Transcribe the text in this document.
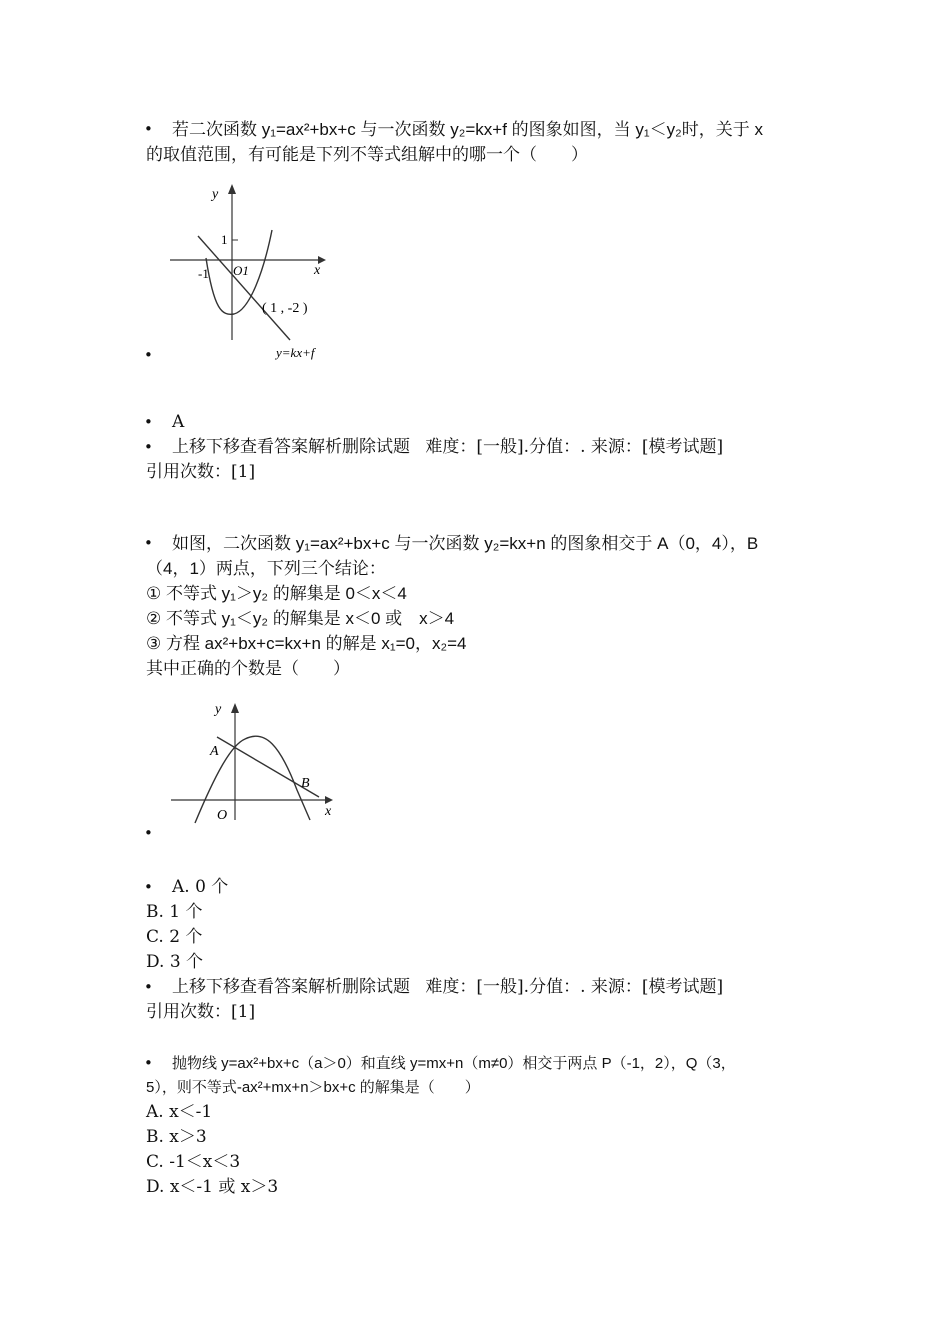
• 若二次函数 y₁=ax²+bx+c 与一次函数 y₂=kx+f 的图象如图，当 y₁＜y₂时，关于 x
的取值范围，有可能是下列不等式组解中的哪一个（　　）
y
x
1
-1 O1
( 1 , -2 )
y=kx+f
• A
• 上移下移查看答案解析删除试题 难度：[一般].分值：. 来源：[模考试题]
引用次数：[1]
• 如图，二次函数 y₁=ax²+bx+c 与一次函数 y₂=kx+n 的图象相交于 A（0，4），B
（4，1）两点，下列三个结论：
① 不等式 y₁＞y₂ 的解集是 0＜x＜4
② 不等式 y₁＜y₂ 的解集是 x＜0 或　x＞4
③ 方程 ax²+bx+c=kx+n 的解是 x₁=0，x₂=4
其中正确的个数是（　　）
y
x
O
A
B
• A. 0 个
B. 1 个
C. 2 个
D. 3 个
• 上移下移查看答案解析删除试题 难度：[一般].分值：. 来源：[模考试题]
引用次数：[1]
• 抛物线 y=ax²+bx+c（a＞0）和直线 y=mx+n（m≠0）相交于两点 P（-1，2），Q（3，
5），则不等式-ax²+mx+n＞bx+c 的解集是（　　）
A. x＜-1
B. x＞3
C. -1＜x＜3
D. x＜-1 或 x＞3
